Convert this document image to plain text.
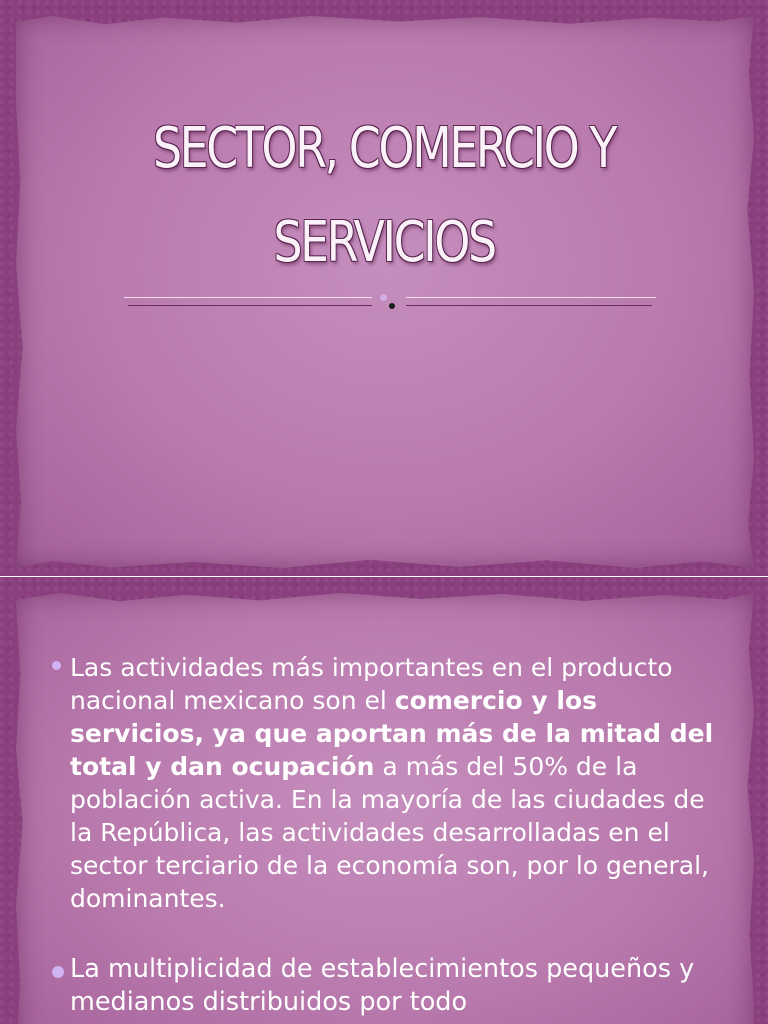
SECTOR, COMERCIO Y
SERVICIOS
Las actividades más importantes en el producto nacional mexicano son el comercio y los servicios, ya que aportan más de la mitad del total y dan ocupación a más del 50% de la población activa. En la mayoría de las ciudades de la República, las actividades desarrolladas en el sector terciario de la economía son, por lo general, dominantes.
La multiplicidad de establecimientos pequeños y medianos distribuidos por todo
